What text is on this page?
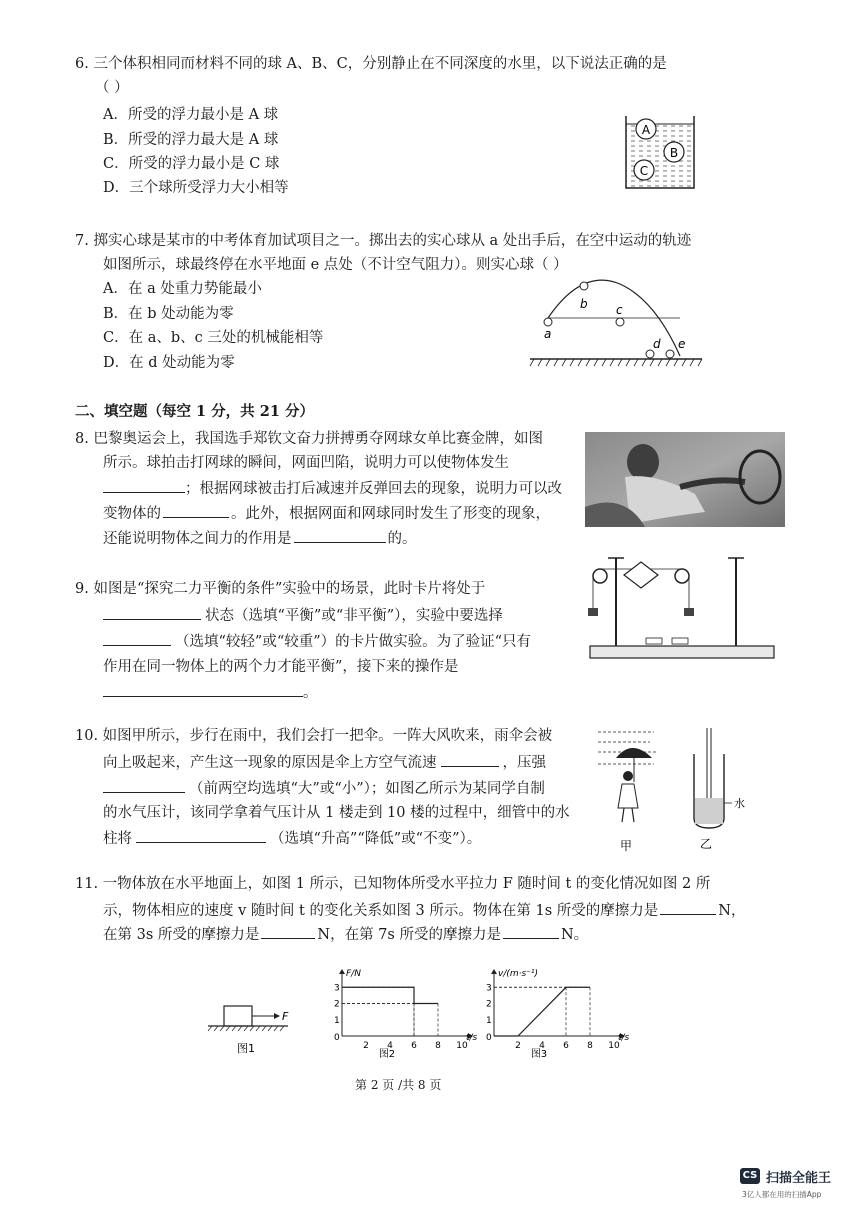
6. 三个体积相同而材料不同的球 A、B、C，分别静止在不同深度的水里，以下说法正确的是
（ ）
A．所受的浮力最小是 A 球
B．所受的浮力最大是 A 球
C．所受的浮力最小是 C 球
D．三个球所受浮力大小相等
A
B
C
7. 掷实心球是某市的中考体育加试项目之一。掷出去的实心球从 a 处出手后，在空中运动的轨迹
如图所示，球最终停在水平地面 e 点处（不计空气阻力）。则实心球（ ）
A．在 a 处重力势能最小
B．在 b 处动能为零
C．在 a、b、c 三处的机械能相等
D．在 d 处动能为零
a
b c
d e
二、填空题（每空 1 分，共 21 分）
8. 巴黎奥运会上，我国选手郑钦文奋力拼搏勇夺网球女单比赛金牌，如图
所示。球拍击打网球的瞬间，网面凹陷，说明力可以使物体发生
；根据网球被击打后减速并反弹回去的现象，说明力可以改
变物体的	。此外，根据网面和网球同时发生了形变的现象，
还能说明物体之间力的作用是	的。
9. 如图是“探究二力平衡的条件”实验中的场景，此时卡片将处于
状态（选填“平衡”或“非平衡”），实验中要选择
（选填“较轻”或“较重”）的卡片做实验。为了验证“只有
作用在同一物体上的两个力才能平衡”，接下来的操作是
。
10. 如图甲所示，步行在雨中，我们会打一把伞。一阵大风吹来，雨伞会被
向上吸起来，产生这一现象的原因是伞上方空气流速	，压强
（前两空均选填“大”或“小”）；如图乙所示为某同学自制
的水气压计，该同学拿着气压计从 1 楼走到 10 楼的过程中，细管中的水
柱将	（选填“升高”“降低”或“不变”）。	甲
水
乙
11. 一物体放在水平地面上，如图 1 所示，已知物体所受水平拉力 F 随时间 t 的变化情况如图 2 所
示，物体相应的速度 v 随时间 t 的变化关系如图 3 所示。物体在第 1s 所受的摩擦力是	N，
在第 3s 所受的摩擦力是	N，在第 7s 所受的摩擦力是	N。
F
图1
F/N
t/s
0
2 4 6 8 10
1
2
3
图2
v/(m·s⁻¹)
t/s
0
2 4 6 8 10
1
2
3
图3
第 2 页 /共 8 页
CS 扫描全能王
3亿人都在用的扫描App
